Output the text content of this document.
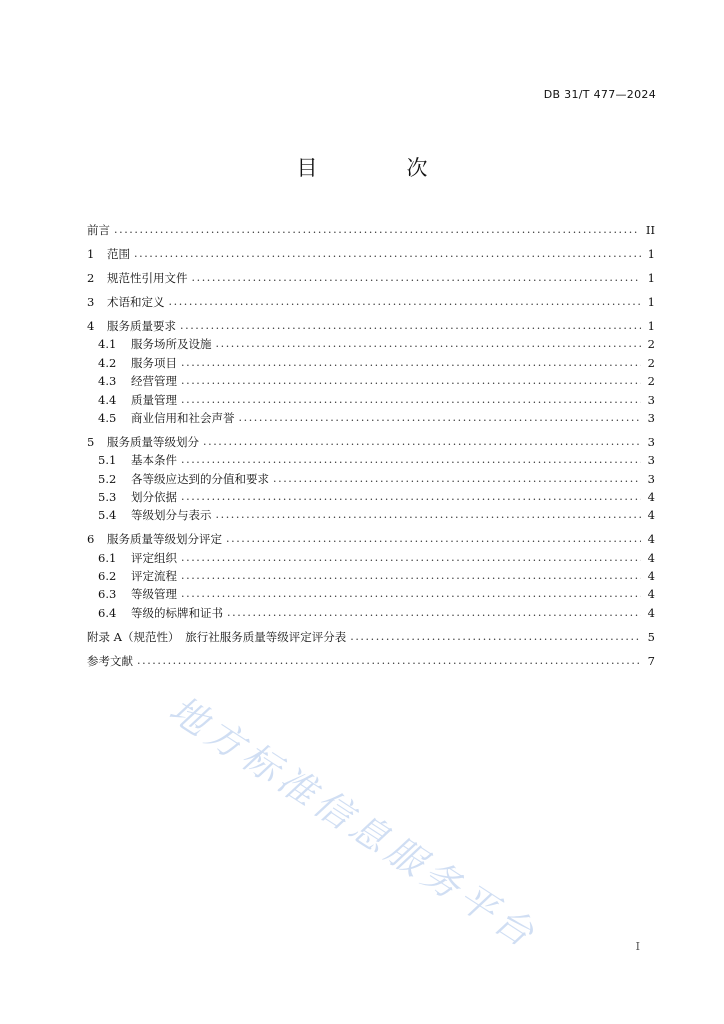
DB 31/T 477—2024
目　次
前言 .....	II
1	范围 .....	1
2	规范性引用文件 .....	1
3	术语和定义 .....	1
4	服务质量要求 .....	1
4.1	服务场所及设施 .....	2
4.2	服务项目 .....	2
4.3	经营管理 .....	2
4.4	质量管理 .....	3
4.5	商业信用和社会声誉 .....	3
5	服务质量等级划分 .....	3
5.1	基本条件 .....	3
5.2	各等级应达到的分值和要求 .....	3
5.3	划分依据 .....	4
5.4	等级划分与表示 .....	4
6	服务质量等级划分评定 .....	4
6.1	评定组织 .....	4
6.2	评定流程 .....	4
6.3	等级管理 .....	4
6.4	等级的标牌和证书 .....	4
附录 A（规范性）　旅行社服务质量等级评定评分表 .....	5
参考文献 .....	7
地方标准信息服务平台	I
